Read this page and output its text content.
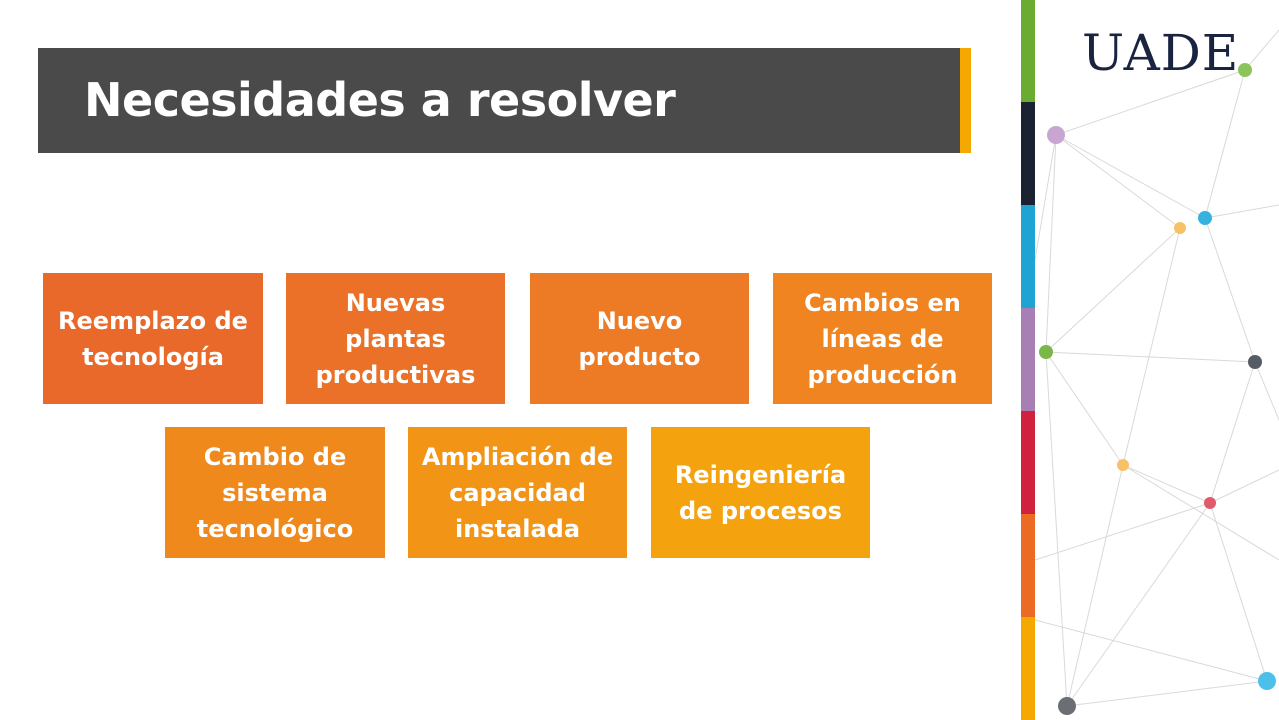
Necesidades a resolver
Reemplazo de tecnología
Nuevas plantas productivas
Nuevo producto
Cambios en líneas de producción
Cambio de sistema tecnológico
Ampliación de capacidad instalada
Reingeniería de procesos
UADE
